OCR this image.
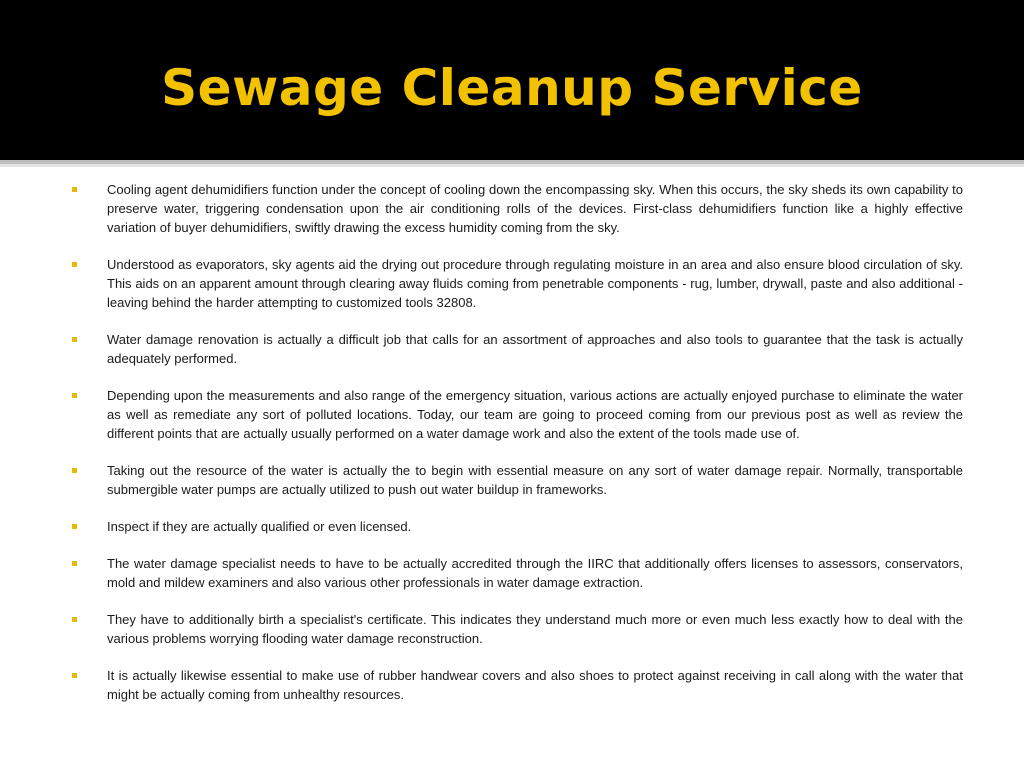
Sewage Cleanup Service
Cooling agent dehumidifiers function under the concept of cooling down the encompassing sky. When this occurs, the sky sheds its own capability to preserve water, triggering condensation upon the air conditioning rolls of the devices. First-class dehumidifiers function like a highly effective variation of buyer dehumidifiers, swiftly drawing the excess humidity coming from the sky.
Understood as evaporators, sky agents aid the drying out procedure through regulating moisture in an area and also ensure blood circulation of sky. This aids on an apparent amount through clearing away fluids coming from penetrable components - rug, lumber, drywall, paste and also additional - leaving behind the harder attempting to customized tools 32808.
Water damage renovation is actually a difficult job that calls for an assortment of approaches and also tools to guarantee that the task is actually adequately performed.
Depending upon the measurements and also range of the emergency situation, various actions are actually enjoyed purchase to eliminate the water as well as remediate any sort of polluted locations. Today, our team are going to proceed coming from our previous post as well as review the different points that are actually usually performed on a water damage work and also the extent of the tools made use of.
Taking out the resource of the water is actually the to begin with essential measure on any sort of water damage repair. Normally, transportable submergible water pumps are actually utilized to push out water buildup in frameworks.
Inspect if they are actually qualified or even licensed.
The water damage specialist needs to have to be actually accredited through the IIRC that additionally offers licenses to assessors, conservators, mold and mildew examiners and also various other professionals in water damage extraction.
They have to additionally birth a specialist's certificate. This indicates they understand much more or even much less exactly how to deal with the various problems worrying flooding water damage reconstruction.
It is actually likewise essential to make use of rubber handwear covers and also shoes to protect against receiving in call along with the water that might be actually coming from unhealthy resources.
